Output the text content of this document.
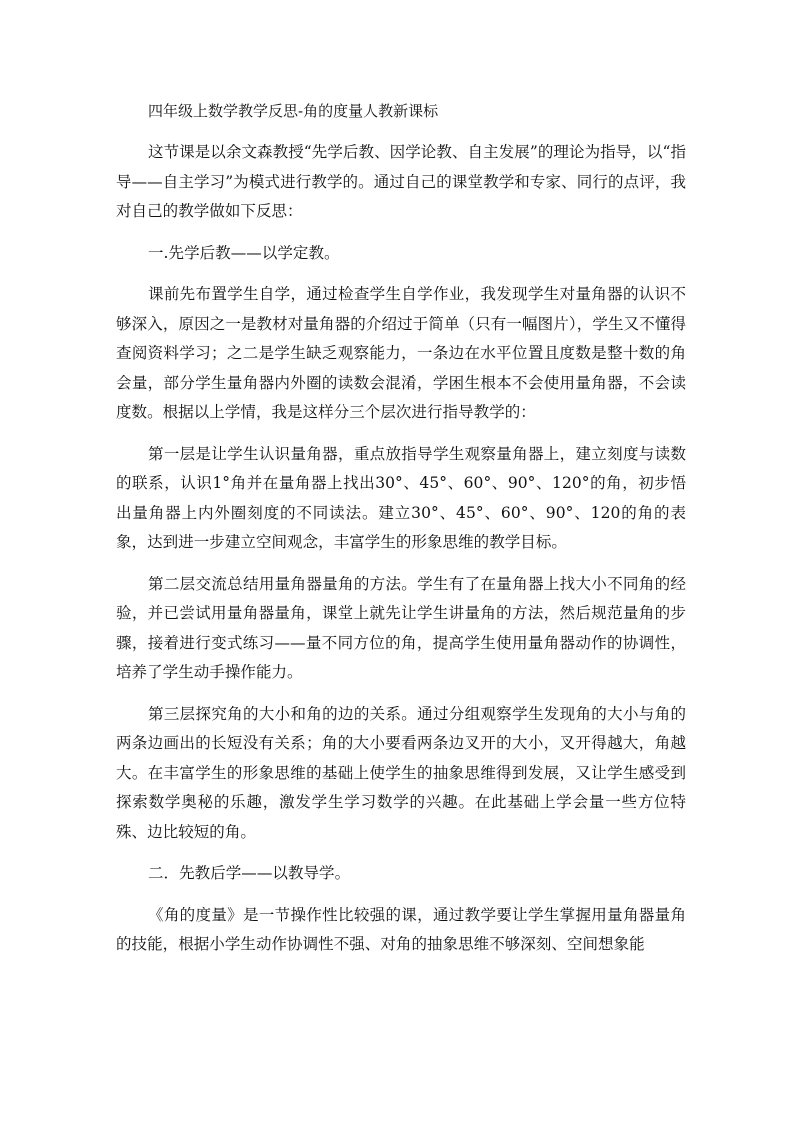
四年级上数学教学反思-角的度量人教新课标

这节课是以余文森教授“先学后教、因学论教、自主发展”的理论为指导，以“指导——自主学习”为模式进行教学的。通过自己的课堂教学和专家、同行的点评，我对自己的教学做如下反思：

一.先学后教——以学定教。

课前先布置学生自学，通过检查学生自学作业，我发现学生对量角器的认识不够深入，原因之一是教材对量角器的介绍过于简单（只有一幅图片），学生又不懂得查阅资料学习；之二是学生缺乏观察能力，一条边在水平位置且度数是整十数的角会量，部分学生量角器内外圈的读数会混淆，学困生根本不会使用量角器，不会读度数。根据以上学情，我是这样分三个层次进行指导教学的：

第一层是让学生认识量角器，重点放指导学生观察量角器上，建立刻度与读数的联系，认识1°角并在量角器上找出30°、45°、60°、90°、120°的角，初步悟出量角器上内外圈刻度的不同读法。建立30°、45°、60°、90°、120的角的表象，达到进一步建立空间观念，丰富学生的形象思维的教学目标。

第二层交流总结用量角器量角的方法。学生有了在量角器上找大小不同角的经验，并已尝试用量角器量角，课堂上就先让学生讲量角的方法，然后规范量角的步骤，接着进行变式练习——量不同方位的角，提高学生使用量角器动作的协调性，培养了学生动手操作能力。

第三层探究角的大小和角的边的关系。通过分组观察学生发现角的大小与角的两条边画出的长短没有关系；角的大小要看两条边叉开的大小，叉开得越大，角越大。在丰富学生的形象思维的基础上使学生的抽象思维得到发展，又让学生感受到探索数学奥秘的乐趣，激发学生学习数学的兴趣。在此基础上学会量一些方位特殊、边比较短的角。

二．先教后学——以教导学。

《角的度量》是一节操作性比较强的课，通过教学要让学生掌握用量角器量角的技能，根据小学生动作协调性不强、对角的抽象思维不够深刻、空间想象能
